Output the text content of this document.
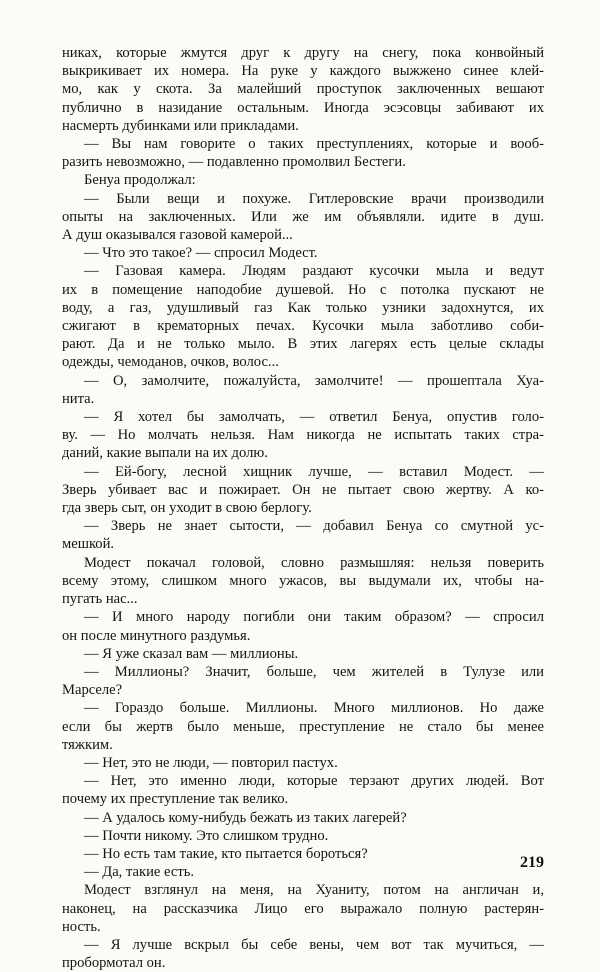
никах, которые жмутся друг к другу на снегу, пока конвойный
выкрикивает их номера. На руке у каждого выжжено синее клей-
мо, как у скота. За малейший проступок заключенных вешают
публично в назидание остальным. Иногда эсэсовцы забивают их
насмерть дубинками или прикладами.
— Вы нам говорите о таких преступлениях, которые и вооб-
разить невозможно, — подавленно промолвил Бестеги.
Бенуа продолжал:
— Были вещи и похуже. Гитлеровские врачи производили
опыты на заключенных. Или же им объявляли. идите в душ.
А душ оказывался газовой камерой...
— Что это такое? — спросил Модест.
— Газовая камера. Людям раздают кусочки мыла и ведут
их в помещение наподобие душевой. Но с потолка пускают не
воду, а газ, удушливый газ Как только узники задохнутся, их
сжигают в крематорных печах. Кусочки мыла заботливо соби-
рают. Да и не только мыло. В этих лагерях есть целые склады
одежды, чемоданов, очков, волос...
— О, замолчите, пожалуйста, замолчите! — прошептала Хуа-
нита.
— Я хотел бы замолчать, — ответил Бенуа, опустив голо-
ву. — Но молчать нельзя. Нам никогда не испытать таких стра-
даний, какие выпали на их долю.
— Ей-богу, лесной хищник лучше, — вставил Модест. —
Зверь убивает вас и пожирает. Он не пытает свою жертву. А ко-
гда зверь сыт, он уходит в свою берлогу.
— Зверь не знает сытости, — добавил Бенуа со смутной ус-
мешкой.
Модест покачал головой, словно размышляя: нельзя поверить
всему этому, слишком много ужасов, вы выдумали их, чтобы на-
пугать нас...
— И много народу погибли они таким образом? — спросил
он после минутного раздумья.
— Я уже сказал вам — миллионы.
— Миллионы? Значит, больше, чем жителей в Тулузе или
Марселе?
— Гораздо больше. Миллионы. Много миллионов. Но даже
если бы жертв было меньше, преступление не стало бы менее
тяжким.
— Нет, это не люди, — повторил пастух.
— Нет, это именно люди, которые терзают других людей. Вот
почему их преступление так велико.
— А удалось кому-нибудь бежать из таких лагерей?
— Почти никому. Это слишком трудно.
— Но есть там такие, кто пытается бороться?
— Да, такие есть.
Модест взглянул на меня, на Хуаниту, потом на англичан и,
наконец, на рассказчика Лицо его выражало полную растерян-
ность.
— Я лучше вскрыл бы себе вены, чем вот так мучиться, —
пробормотал он.
219
